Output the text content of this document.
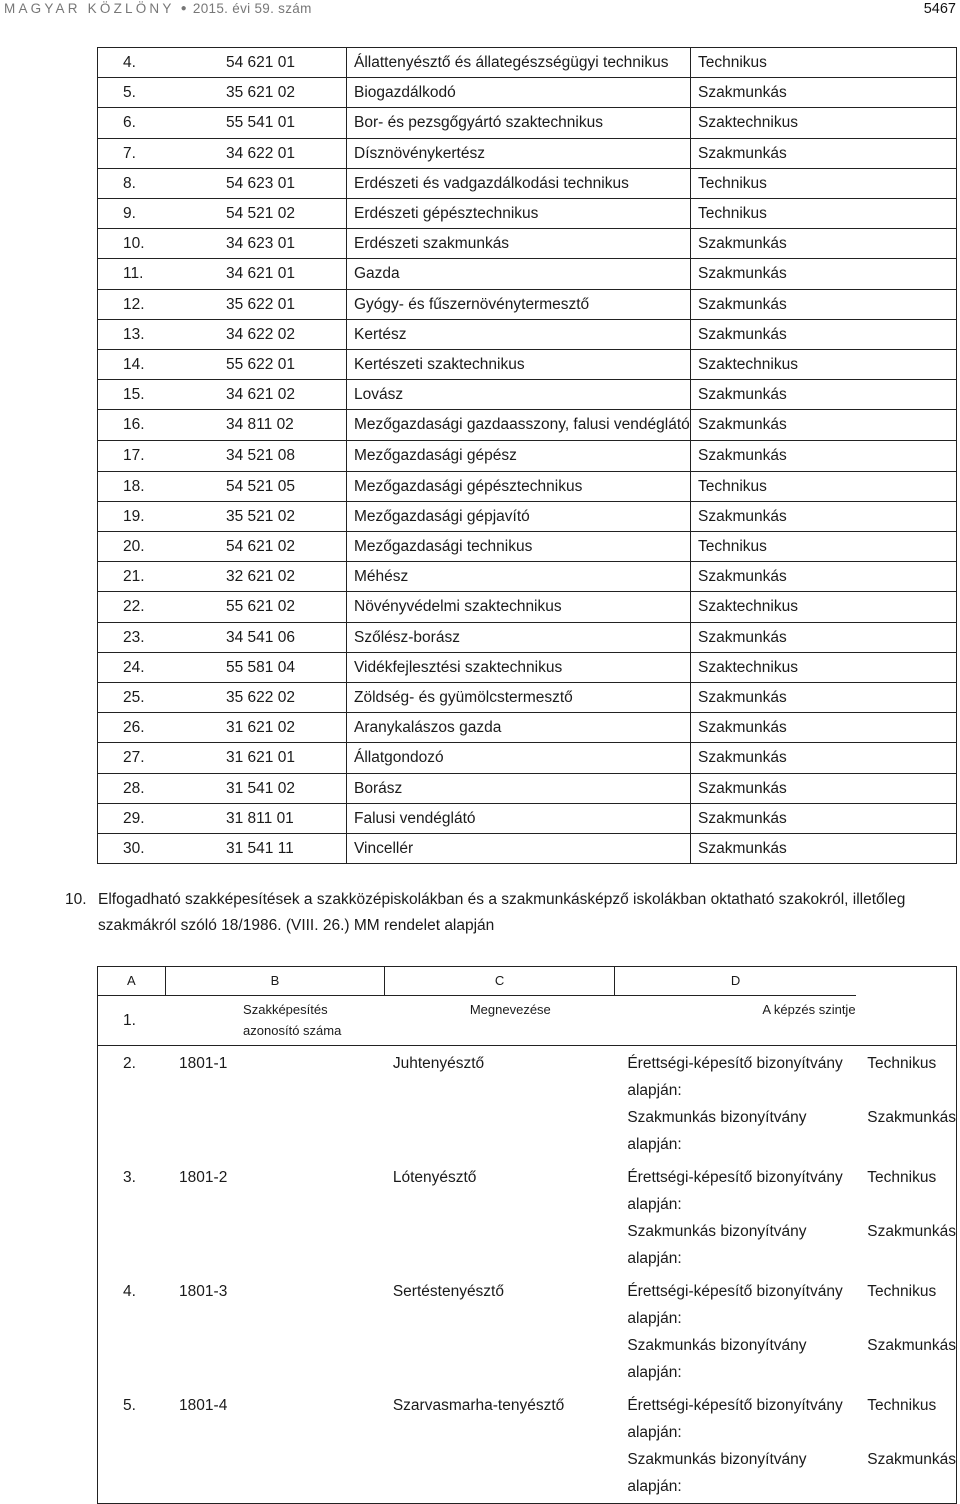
MAGYAR KÖZLÖNY ● 2015. évi 59. szám	5467
4.	54 621 01	Állattenyésztő és állategészségügyi technikus	Technikus
5.	35 621 02	Biogazdálkodó	Szakmunkás
6.	55 541 01	Bor- és pezsgőgyártó szaktechnikus	Szaktechnikus
7.	34 622 01	Dísznövénykertész	Szakmunkás
8.	54 623 01	Erdészeti és vadgazdálkodási technikus	Technikus
9.	54 521 02	Erdészeti gépésztechnikus	Technikus
10.	34 623 01	Erdészeti szakmunkás	Szakmunkás
11.	34 621 01	Gazda	Szakmunkás
12.	35 622 01	Gyógy- és fűszernövénytermesztő	Szakmunkás
13.	34 622 02	Kertész	Szakmunkás
14.	55 622 01	Kertészeti szaktechnikus	Szaktechnikus
15.	34 621 02	Lovász	Szakmunkás
16.	34 811 02	Mezőgazdasági gazdaasszony, falusi vendéglátó	Szakmunkás
17.	34 521 08	Mezőgazdasági gépész	Szakmunkás
18.	54 521 05	Mezőgazdasági gépésztechnikus	Technikus
19.	35 521 02	Mezőgazdasági gépjavító	Szakmunkás
20.	54 621 02	Mezőgazdasági technikus	Technikus
21.	32 621 02	Méhész	Szakmunkás
22.	55 621 02	Növényvédelmi szaktechnikus	Szaktechnikus
23.	34 541 06	Szőlész-borász	Szakmunkás
24.	55 581 04	Vidékfejlesztési szaktechnikus	Szaktechnikus
25.	35 622 02	Zöldség- és gyümölcstermesztő	Szakmunkás
26.	31 621 02	Aranykalászos gazda	Szakmunkás
27.	31 621 01	Állatgondozó	Szakmunkás
28.	31 541 02	Borász	Szakmunkás
29.	31 811 01	Falusi vendéglátó	Szakmunkás
30.	31 541 11	Vincellér	Szakmunkás
10. Elfogadható szakképesítések a szakközépiskolákban és a szakmunkásképző iskolákban oktatható szakokról, illetőleg szakmákról szóló 18/1986. (VIII. 26.) MM rendelet alapján
A	B	C	D	
1.	Szakképesítés azonosító száma	Megnevezése	A képzés szintje	
2.	1801-1	Juhtenyésztő	Érettségi-képesítő bizonyítvány alapján:	Technikus
			Szakmunkás bizonyítvány alapján:	Szakmunkás
3.	1801-2	Lótenyésztő	Érettségi-képesítő bizonyítvány alapján:	Technikus
			Szakmunkás bizonyítvány alapján:	Szakmunkás
4.	1801-3	Sertéstenyésztő	Érettségi-képesítő bizonyítvány alapján:	Technikus
			Szakmunkás bizonyítvány alapján:	Szakmunkás
5.	1801-4	Szarvasmarha-tenyésztő	Érettségi-képesítő bizonyítvány alapján:	Technikus
			Szakmunkás bizonyítvány alapján:	Szakmunkás
